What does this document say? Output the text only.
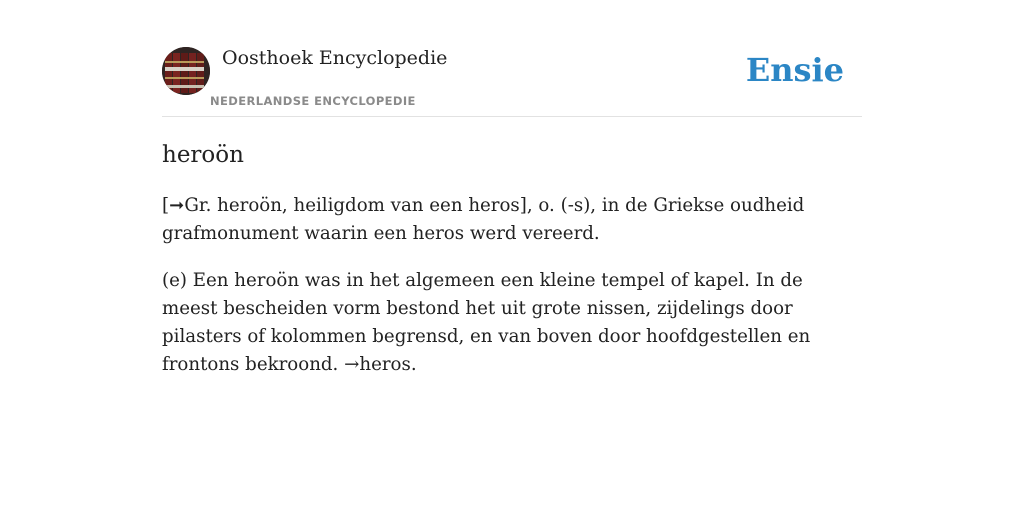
Oosthoek Encyclopedie
NEDERLANDSE ENCYCLOPEDIE
Ensie
heroön

[➞Gr. heroön, heiligdom van een heros], o. (-s), in de Griekse oudheid grafmonument waarin een heros werd vereerd.

(e) Een heroön was in het algemeen een kleine tempel of kapel. In de meest bescheiden vorm bestond het uit grote nissen, zijdelings door pilasters of kolommen begrensd, en van boven door hoofdgestellen en frontons bekroond. →heros.
